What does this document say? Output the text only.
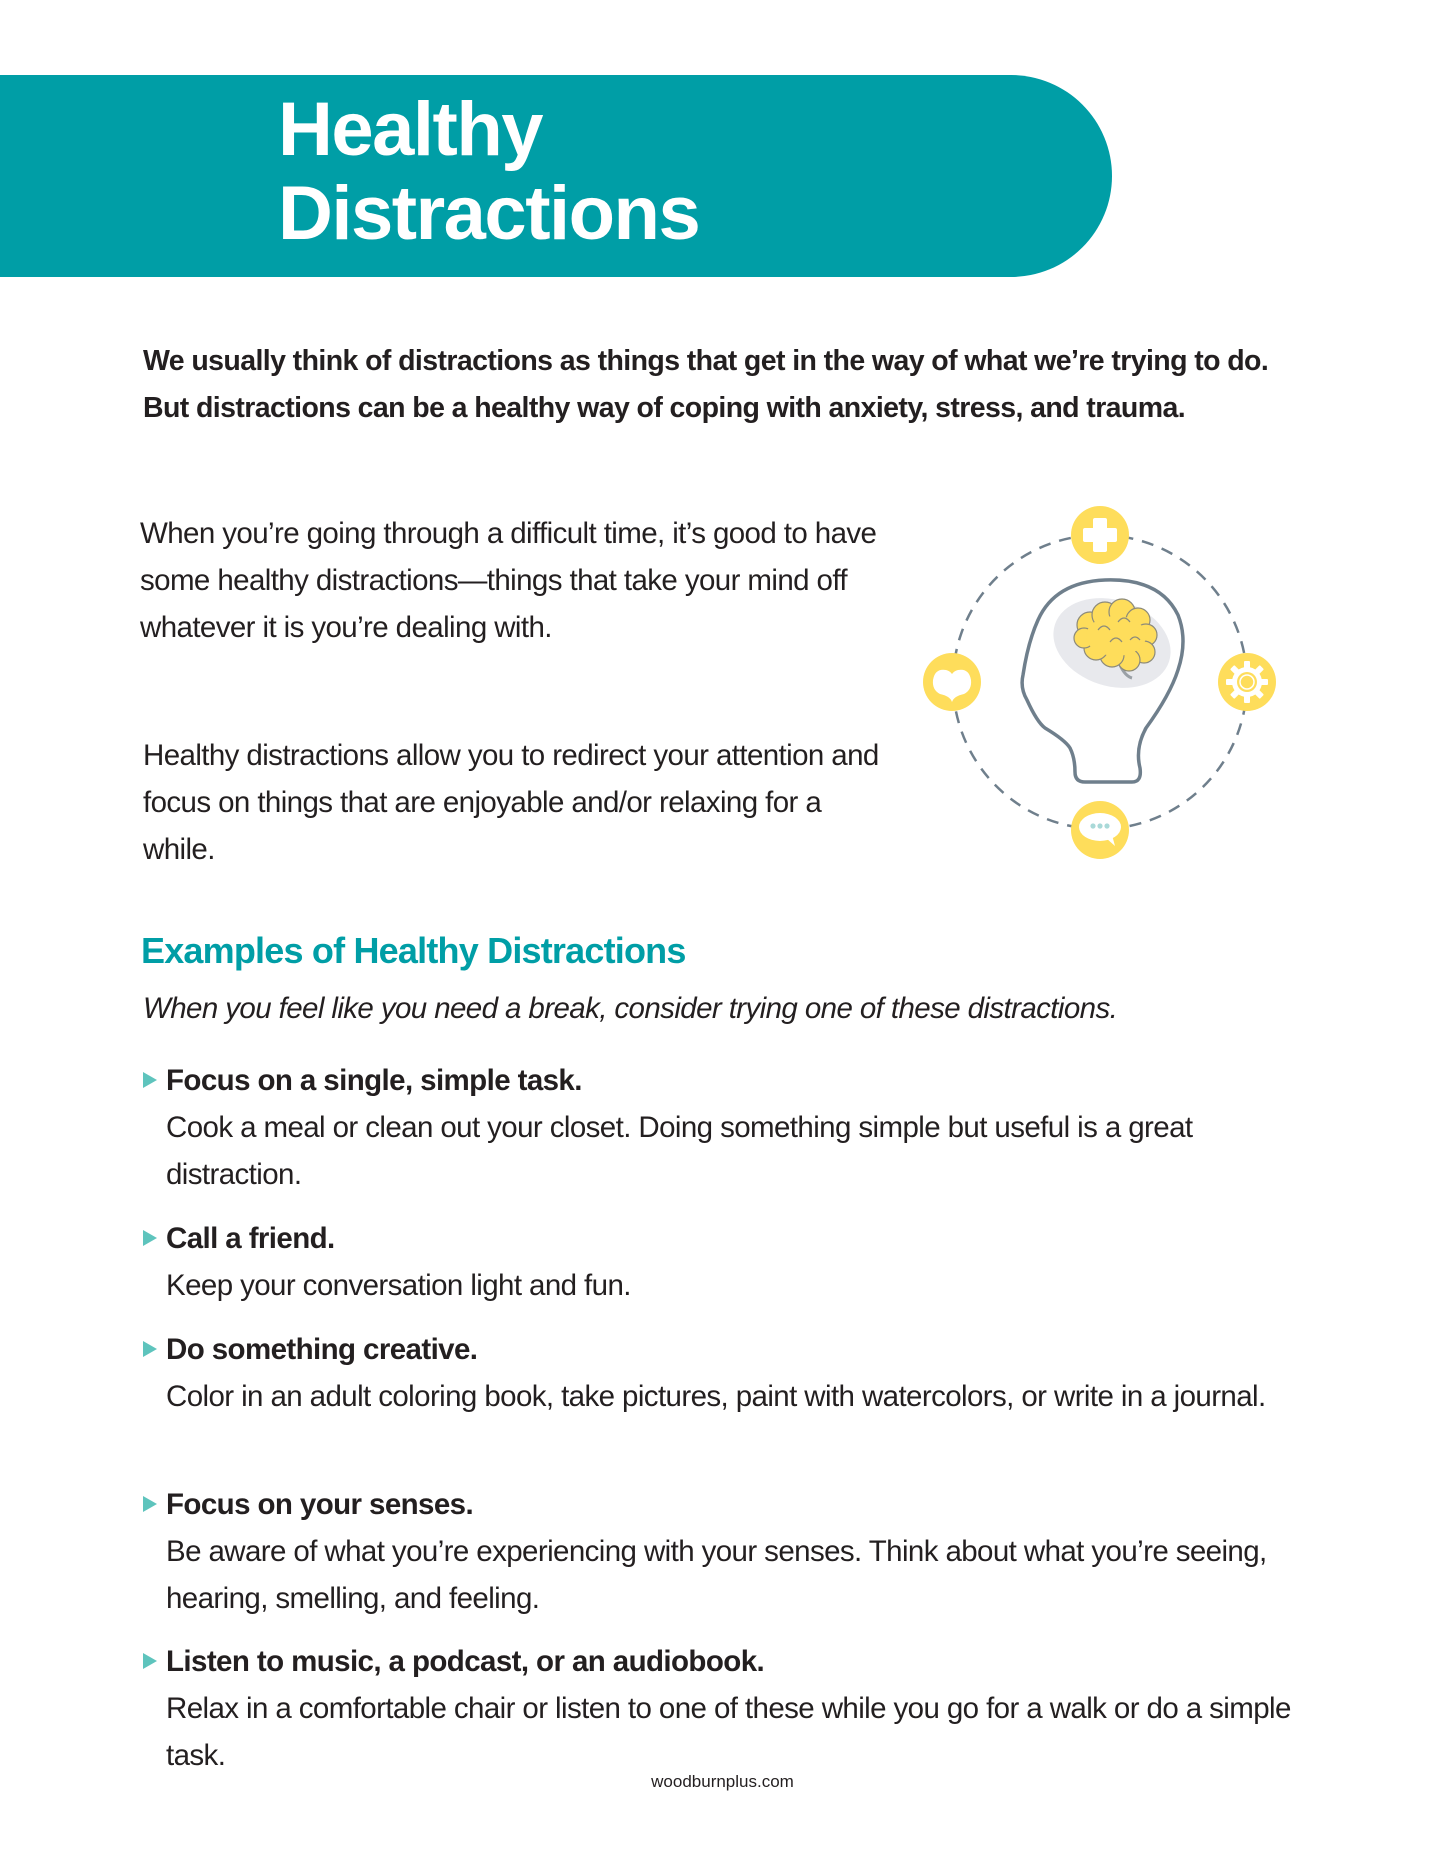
Healthy
Distractions

We usually think of distractions as things that get in the way of what we’re trying to do. But distractions can be a healthy way of coping with anxiety, stress, and trauma.

When you’re going through a difficult time, it’s good to have some healthy distractions—things that take your mind off whatever it is you’re dealing with.

Healthy distractions allow you to redirect your attention and focus on things that are enjoyable and/or relaxing for a while.

Examples of Healthy Distractions

When you feel like you need a break, consider trying one of these distractions.

Focus on a single, simple task.
Cook a meal or clean out your closet. Doing something simple but useful is a great distraction.
Call a friend.
Keep your conversation light and fun.
Do something creative.
Color in an adult coloring book, take pictures, paint with watercolors, or write in a journal.
Focus on your senses.
Be aware of what you’re experiencing with your senses. Think about what you’re seeing, hearing, smelling, and feeling.
Listen to music, a podcast, or an audiobook.
Relax in a comfortable chair or listen to one of these while you go for a walk or do a simple task.
woodburnplus.com
